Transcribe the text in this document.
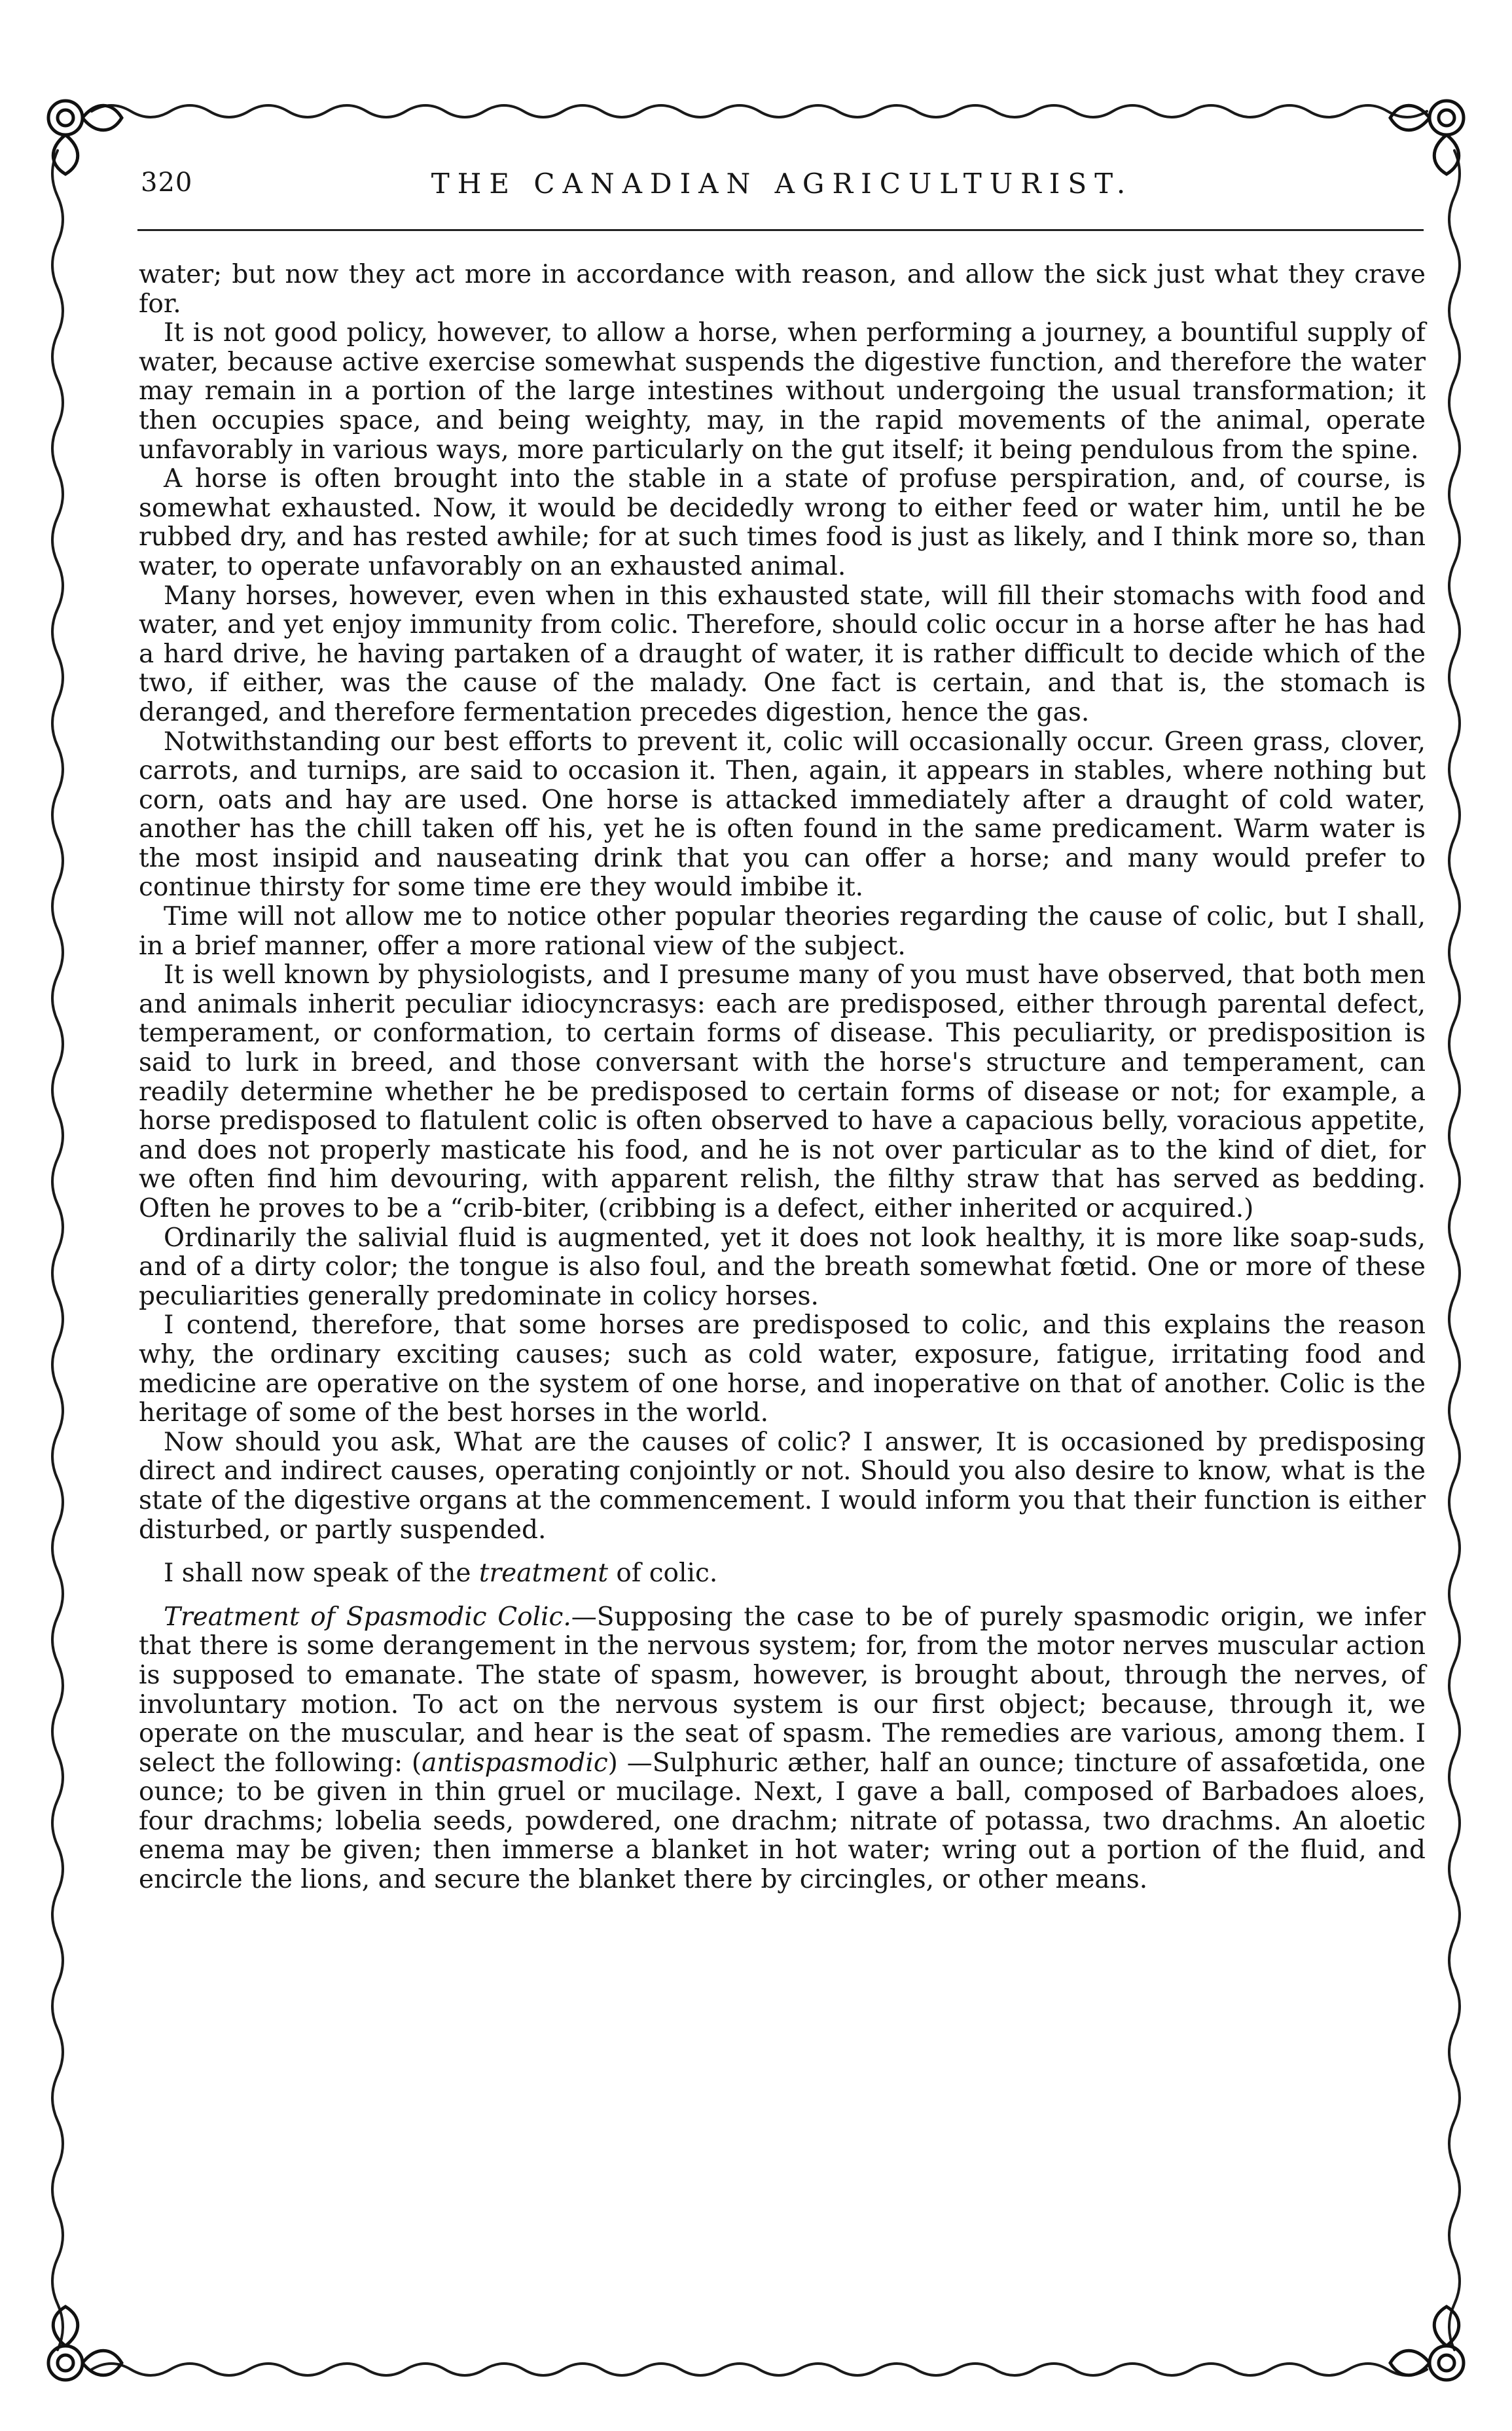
320	THE CANADIAN AGRICULTURIST.

water; but now they act more in accordance with reason, and allow the sick just what they crave for.

It is not good policy, however, to allow a horse, when performing a journey, a bountiful supply of water, because active exercise somewhat suspends the digestive function, and therefore the water may remain in a portion of the large intestines without undergoing the usual transformation; it then occupies space, and being weighty, may, in the rapid movements of the animal, operate unfavorably in various ways, more particularly on the gut itself; it being pendulous from the spine.

A horse is often brought into the stable in a state of profuse perspiration, and, of course, is somewhat exhausted. Now, it would be decidedly wrong to either feed or water him, until he be rubbed dry, and has rested awhile; for at such times food is just as likely, and I think more so, than water, to operate unfavorably on an exhausted animal.

Many horses, however, even when in this exhausted state, will fill their stomachs with food and water, and yet enjoy immunity from colic. Therefore, should colic occur in a horse after he has had a hard drive, he having partaken of a draught of water, it is rather difficult to decide which of the two, if either, was the cause of the malady. One fact is certain, and that is, the stomach is deranged, and therefore fermentation precedes digestion, hence the gas.

Notwithstanding our best efforts to prevent it, colic will occasionally occur. Green grass, clover, carrots, and turnips, are said to occasion it. Then, again, it appears in stables, where nothing but corn, oats and hay are used. One horse is attacked immediately after a draught of cold water, another has the chill taken off his, yet he is often found in the same predicament. Warm water is the most insipid and nauseating drink that you can offer a horse; and many would prefer to continue thirsty for some time ere they would imbibe it.

Time will not allow me to notice other popular theories regarding the cause of colic, but I shall, in a brief manner, offer a more rational view of the subject.

It is well known by physiologists, and I presume many of you must have observed, that both men and animals inherit peculiar idiocyncrasys: each are predisposed, either through parental defect, temperament, or conformation, to certain forms of disease. This peculiarity, or predisposition is said to lurk in breed, and those conversant with the horse's structure and temperament, can readily determine whether he be predisposed to certain forms of disease or not; for example, a horse predisposed to flatulent colic is often observed to have a capacious belly, voracious appetite, and does not properly masticate his food, and he is not over particular as to the kind of diet, for we often find him devouring, with apparent relish, the filthy straw that has served as bedding. Often he proves to be a “crib-biter, (cribbing is a defect, either inherited or acquired.)

Ordinarily the salivial fluid is augmented, yet it does not look healthy, it is more like soap-suds, and of a dirty color; the tongue is also foul, and the breath somewhat fœtid. One or more of these peculiarities generally predominate in colicy horses.

I contend, therefore, that some horses are predisposed to colic, and this explains the reason why, the ordinary exciting causes; such as cold water, exposure, fatigue, irritating food and medicine are operative on the system of one horse, and inoperative on that of another. Colic is the heritage of some of the best horses in the world.

Now should you ask, What are the causes of colic? I answer, It is occasioned by predisposing direct and indirect causes, operating conjointly or not. Should you also desire to know, what is the state of the digestive organs at the commencement. I would inform you that their function is either disturbed, or partly suspended.

I shall now speak of the treatment of colic.

Treatment of Spasmodic Colic.—Supposing the case to be of purely spasmodic origin, we infer that there is some derangement in the nervous system; for, from the motor nerves muscular action is supposed to emanate. The state of spasm, however, is brought about, through the nerves, of involuntary motion. To act on the nervous system is our first object; because, through it, we operate on the muscular, and hear is the seat of spasm. The remedies are various, among them. I select the following: (antispasmodic) —Sulphuric æther, half an ounce; tincture of assafœtida, one ounce; to be given in thin gruel or mucilage. Next, I gave a ball, composed of Barbadoes aloes, four drachms; lobelia seeds, powdered, one drachm; nitrate of potassa, two drachms. An aloetic enema may be given; then immerse a blanket in hot water; wring out a portion of the fluid, and encircle the lions, and secure the blanket there by circingles, or other means.
